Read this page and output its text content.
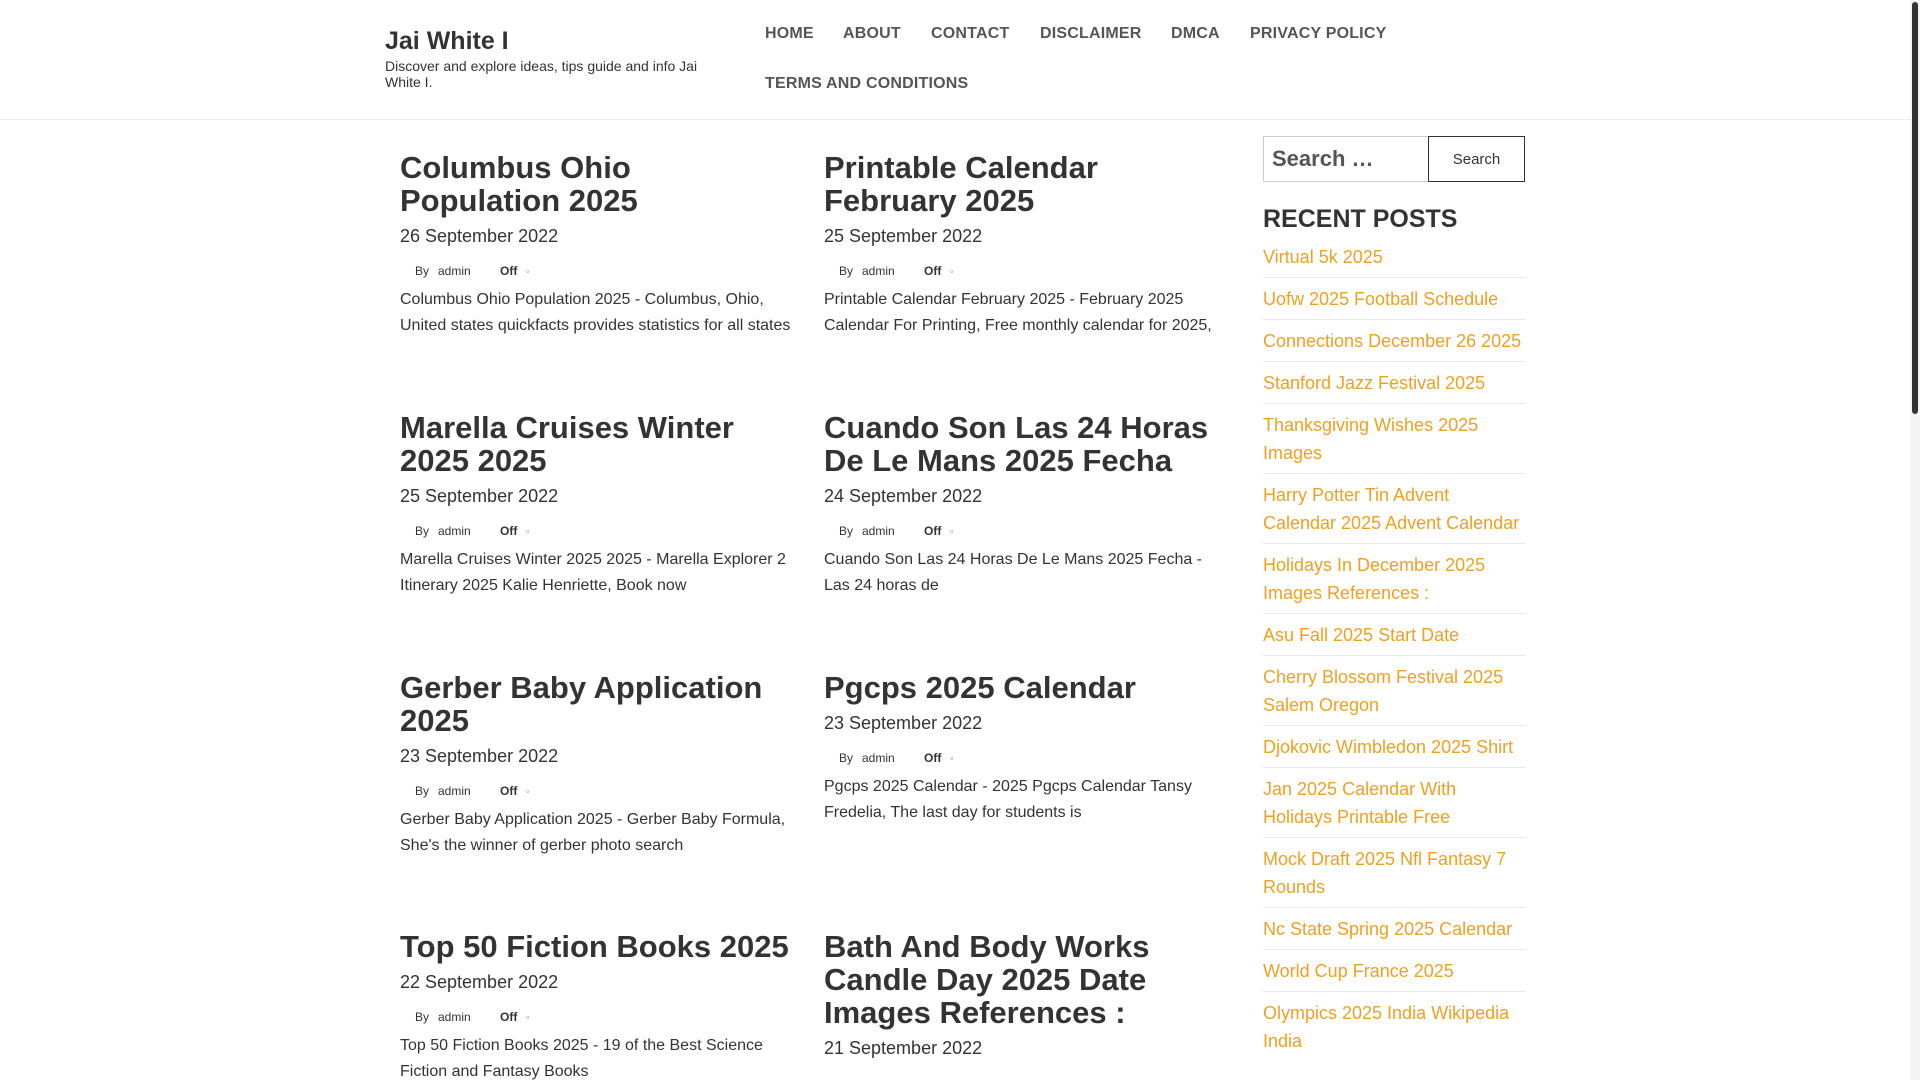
Jai White I
Discover and explore ideas, tips guide and info Jai White I.
HOME ABOUT CONTACT DISCLAIMER DMCA PRIVACY POLICY
TERMS AND CONDITIONS
Columbus Ohio Population 2025
26 September 2022
By admin Off ▫
Columbus Ohio Population 2025 - Columbus, Ohio, United states quickfacts provides statistics for all states
Printable Calendar February 2025
25 September 2022
By admin Off ▫
Printable Calendar February 2025 - February 2025 Calendar For Printing, Free monthly calendar for 2025,
Marella Cruises Winter 2025 2025
25 September 2022
By admin Off ▫
Marella Cruises Winter 2025 2025 - Marella Explorer 2 Itinerary 2025 Kalie Henriette, Book now
Cuando Son Las 24 Horas De Le Mans 2025 Fecha
24 September 2022
By admin Off ▫
Cuando Son Las 24 Horas De Le Mans 2025 Fecha - Las 24 horas de
Gerber Baby Application 2025
23 September 2022
By admin Off ▫
Gerber Baby Application 2025 - Gerber Baby Formula, She's the winner of gerber photo search
Pgcps 2025 Calendar
23 September 2022
By admin Off ▫
Pgcps 2025 Calendar - 2025 Pgcps Calendar Tansy Fredelia, The last day for students is
Top 50 Fiction Books 2025
22 September 2022
By admin Off ▫
Top 50 Fiction Books 2025 - 19 of the Best Science Fiction and Fantasy Books
Bath And Body Works Candle Day 2025 Date Images References :
21 September 2022
Search …
Search
RECENT POSTS
Virtual 5k 2025
Uofw 2025 Football Schedule
Connections December 26 2025
Stanford Jazz Festival 2025
Thanksgiving Wishes 2025 Images
Harry Potter Tin Advent Calendar 2025 Advent Calendar
Holidays In December 2025 Images References :
Asu Fall 2025 Start Date
Cherry Blossom Festival 2025 Salem Oregon
Djokovic Wimbledon 2025 Shirt
Jan 2025 Calendar With Holidays Printable Free
Mock Draft 2025 Nfl Fantasy 7 Rounds
Nc State Spring 2025 Calendar
World Cup France 2025
Olympics 2025 India Wikipedia India
